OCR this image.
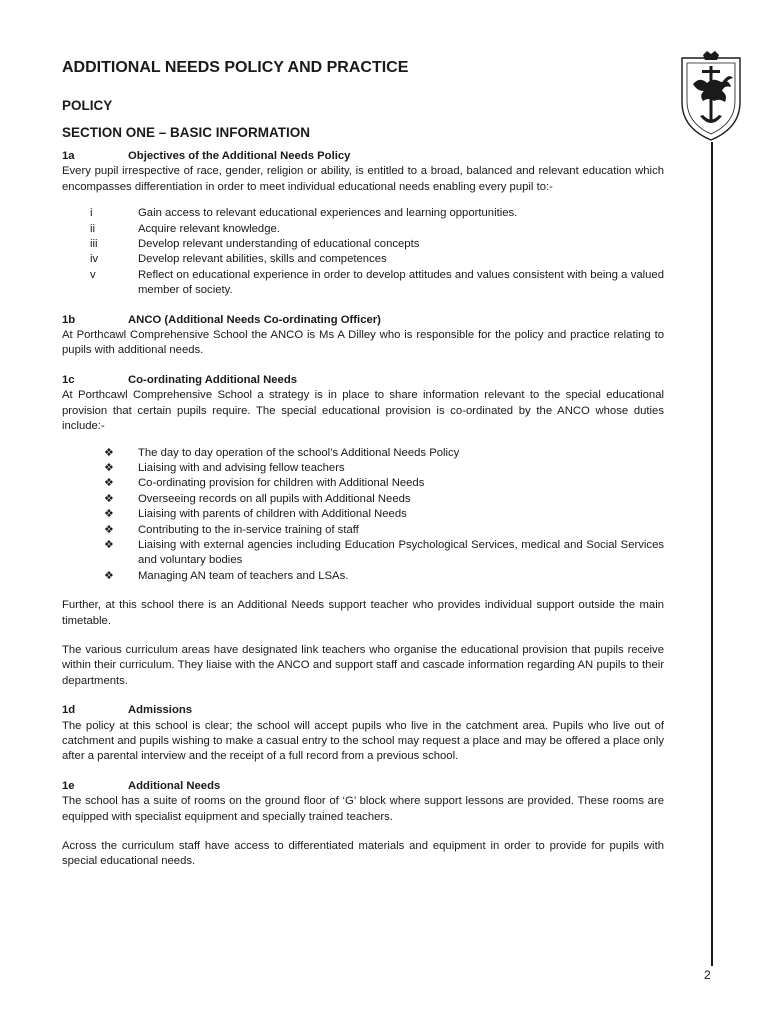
ADDITIONAL NEEDS POLICY AND PRACTICE
POLICY
SECTION ONE – BASIC INFORMATION
1a	Objectives of the Additional Needs Policy

Every pupil irrespective of race, gender, religion or ability, is entitled to a broad, balanced and relevant education which encompasses differentiation in order to meet individual educational needs enabling every pupil to:-

i	Gain access to relevant educational experiences and learning opportunities.
ii	Acquire relevant knowledge.
iii	Develop relevant understanding of educational concepts
iv	Develop relevant abilities, skills and competences
v	Reflect on educational experience in order to develop attitudes and values consistent with being a valued member of society.
1b	ANCO (Additional Needs Co-ordinating Officer)

At Porthcawl Comprehensive School the ANCO is Ms A Dilley who is responsible for the policy and practice relating to pupils with additional needs.

1c	Co-ordinating Additional Needs

At Porthcawl Comprehensive School a strategy is in place to share information relevant to the special educational provision that certain pupils require. The special educational provision is co-ordinated by the ANCO whose duties include:-

❖	The day to day operation of the school’s Additional Needs Policy
❖	Liaising with and advising fellow teachers
❖	Co-ordinating provision for children with Additional Needs
❖	Overseeing records on all pupils with Additional Needs
❖	Liaising with parents of children with Additional Needs
❖	Contributing to the in-service training of staff
❖	Liaising with external agencies including Education Psychological Services, medical and Social Services and voluntary bodies
❖	Managing AN team of teachers and LSAs.

Further, at this school there is an Additional Needs support teacher who provides individual support outside the main timetable.

The various curriculum areas have designated link teachers who organise the educational provision that pupils receive within their curriculum. They liaise with the ANCO and support staff and cascade information regarding AN pupils to their departments.

1d	Admissions

The policy at this school is clear; the school will accept pupils who live in the catchment area. Pupils who live out of catchment and pupils wishing to make a casual entry to the school may request a place and may be offered a place only after a parental interview and the receipt of a full record from a previous school.

1e	Additional Needs

The school has a suite of rooms on the ground floor of ‘G’ block where support lessons are provided. These rooms are equipped with specialist equipment and specially trained teachers.

Across the curriculum staff have access to differentiated materials and equipment in order to provide for pupils with special educational needs.

2
